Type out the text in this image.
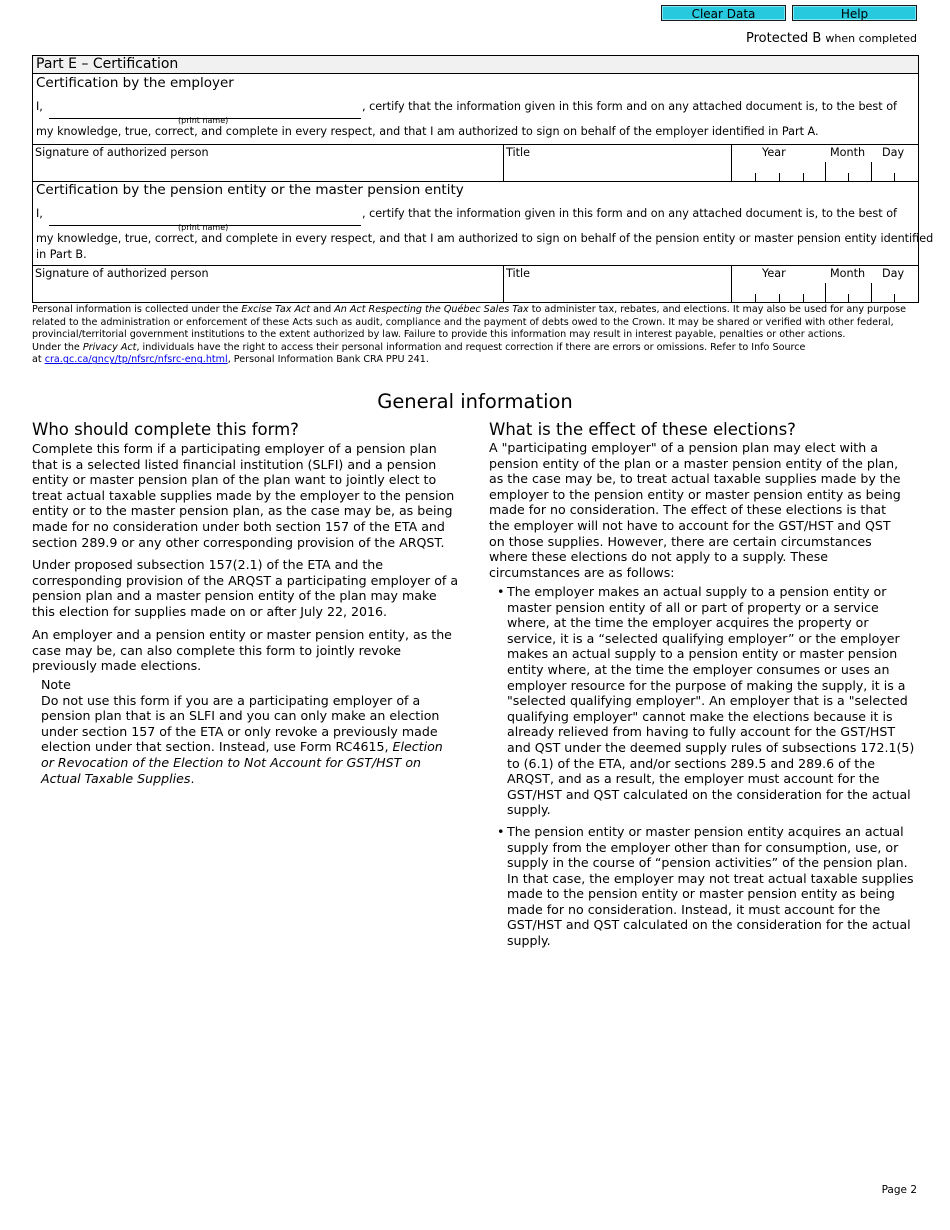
Clear Data	Help
Protected B when completed
Part E – Certification
Certification by the employer
I,
(print name)
, certify that the information given in this form and on any attached document is, to the best of
my knowledge, true, correct, and complete in every respect, and that I am authorized to sign on behalf of the employer identified in Part A.
Signature of authorized person	Title	Year	Month Day
Certification by the pension entity or the master pension entity
I,
(print name)
, certify that the information given in this form and on any attached document is, to the best of
my knowledge, true, correct, and complete in every respect, and that I am authorized to sign on behalf of the pension entity or master pension entity identified
in Part B.
Signature of authorized person	Title	Year	Month Day
Personal information is collected under the Excise Tax Act and An Act Respecting the Québec Sales Tax to administer tax, rebates, and elections. It may also be used for any purpose related to the administration or enforcement of these Acts such as audit, compliance and the payment of debts owed to the Crown. It may be shared or verified with other federal, provincial/territorial government institutions to the extent authorized by law. Failure to provide this information may result in interest payable, penalties or other actions.
Under the Privacy Act, individuals have the right to access their personal information and request correction if there are errors or omissions. Refer to Info Source
at cra.gc.ca/gncy/tp/nfsrc/nfsrc-eng.html, Personal Information Bank CRA PPU 241.
General information
Who should complete this form?
Complete this form if a participating employer of a pension plan that is a selected listed financial institution (SLFI) and a pension entity or master pension plan of the plan want to jointly elect to treat actual taxable supplies made by the employer to the pension entity or to the master pension plan, as the case may be, as being made for no consideration under both section 157 of the ETA and section 289.9 or any other corresponding provision of the ARQST.
Under proposed subsection 157(2.1) of the ETA and the corresponding provision of the ARQST a participating employer of a pension plan and a master pension entity of the plan may make this election for supplies made on or after July 22, 2016.
An employer and a pension entity or master pension entity, as the case may be, can also complete this form to jointly revoke previously made elections.
Note
Do not use this form if you are a participating employer of a pension plan that is an SLFI and you can only make an election under section 157 of the ETA or only revoke a previously made election under that section. Instead, use Form RC4615, Election or Revocation of the Election to Not Account for GST/HST on Actual Taxable Supplies.
What is the effect of these elections?
A "participating employer" of a pension plan may elect with a pension entity of the plan or a master pension entity of the plan, as the case may be, to treat actual taxable supplies made by the employer to the pension entity or master pension entity as being made for no consideration. The effect of these elections is that the employer will not have to account for the GST/HST and QST on those supplies. However, there are certain circumstances where these elections do not apply to a supply. These circumstances are as follows:
• The employer makes an actual supply to a pension entity or master pension entity of all or part of property or a service where, at the time the employer acquires the property or service, it is a “selected qualifying employer” or the employer makes an actual supply to a pension entity or master pension entity where, at the time the employer consumes or uses an employer resource for the purpose of making the supply, it is a "selected qualifying employer". An employer that is a "selected qualifying employer" cannot make the elections because it is already relieved from having to fully account for the GST/HST and QST under the deemed supply rules of subsections 172.1(5) to (6.1) of the ETA, and/or sections 289.5 and 289.6 of the ARQST, and as a result, the employer must account for the GST/HST and QST calculated on the consideration for the actual supply.
• The pension entity or master pension entity acquires an actual supply from the employer other than for consumption, use, or supply in the course of “pension activities” of the pension plan. In that case, the employer may not treat actual taxable supplies made to the pension entity or master pension entity as being made for no consideration. Instead, it must account for the GST/HST and QST calculated on the consideration for the actual supply.
Page 2
